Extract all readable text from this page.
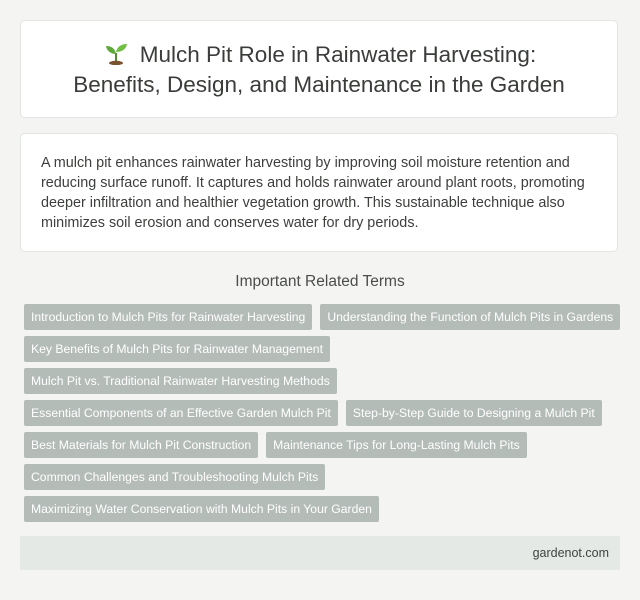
Mulch Pit Role in Rainwater Harvesting:
Benefits, Design, and Maintenance in the Garden

A mulch pit enhances rainwater harvesting by improving soil moisture retention and reducing surface runoff. It captures and holds rainwater around plant roots, promoting deeper infiltration and healthier vegetation growth. This sustainable technique also minimizes soil erosion and conserves water for dry periods.

Important Related Terms
Introduction to Mulch Pits for Rainwater Harvesting	Understanding the Function of Mulch Pits in Gardens
Key Benefits of Mulch Pits for Rainwater Management
Mulch Pit vs. Traditional Rainwater Harvesting Methods
Essential Components of an Effective Garden Mulch Pit	Step-by-Step Guide to Designing a Mulch Pit
Best Materials for Mulch Pit Construction	Maintenance Tips for Long-Lasting Mulch Pits
Common Challenges and Troubleshooting Mulch Pits
Maximizing Water Conservation with Mulch Pits in Your Garden
gardenot.com
